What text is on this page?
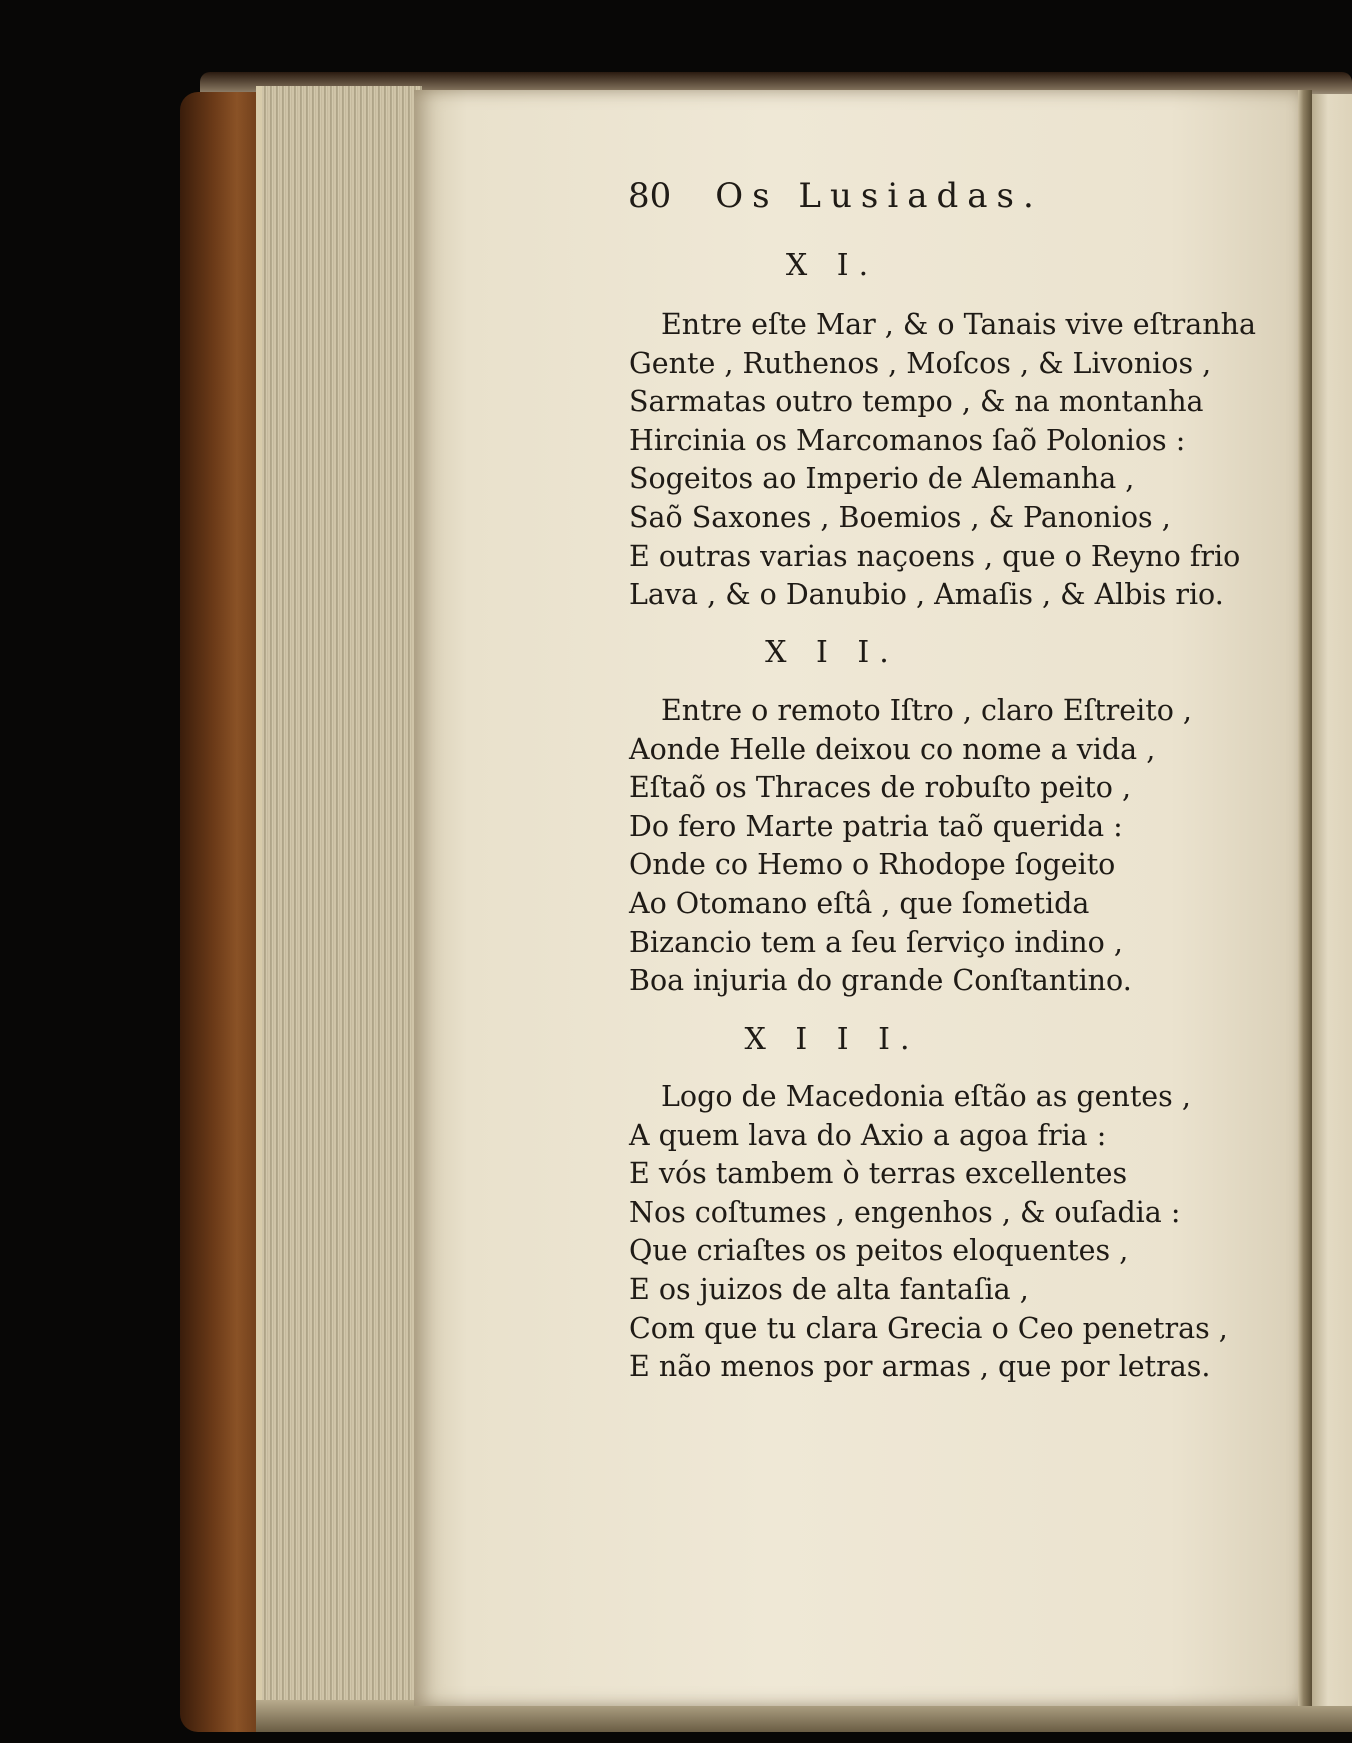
80 Os Lusiadas.
X I.
Entre eſte Mar , & o Tanais vive eſtranha
Gente , Ruthenos , Moſcos , & Livonios ,
Sarmatas outro tempo , & na montanha
Hircinia os Marcomanos ſaõ Polonios :
Sogeitos ao Imperio de Alemanha ,
Saõ Saxones , Boemios , & Panonios ,
E outras varias naçoens , que o Reyno frio
Lava , & o Danubio , Amaſis , & Albis rio.
X I I.
Entre o remoto Iſtro , claro Eſtreito ,
Aonde Helle deixou co nome a vida ,
Eſtaõ os Thraces de robuſto peito ,
Do fero Marte patria taõ querida :
Onde co Hemo o Rhodope ſogeito
Ao Otomano eſtâ , que ſometida
Bizancio tem a ſeu ſerviço indino ,
Boa injuria do grande Conſtantino.
X I I I.
Logo de Macedonia eſtão as gentes ,
A quem lava do Axio a agoa fria :
E vós tambem ò terras excellentes
Nos coſtumes , engenhos , & ouſadia :
Que criaſtes os peitos eloquentes ,
E os juizos de alta fantaſia ,
Com que tu clara Grecia o Ceo penetras ,
E não menos por armas , que por letras.
